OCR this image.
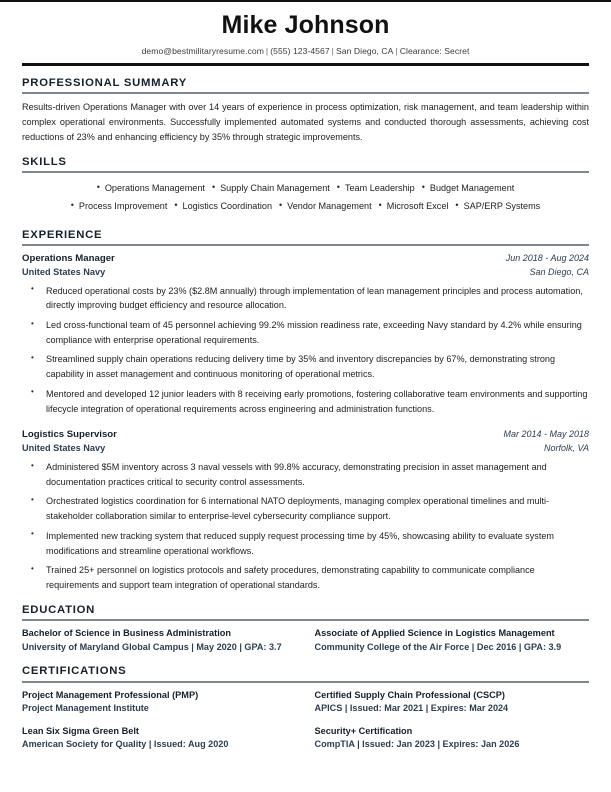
Mike Johnson

demo@bestmilitaryresume.com | (555) 123-4567 | San Diego, CA | Clearance: Secret

PROFESSIONAL SUMMARY

Results-driven Operations Manager with over 14 years of experience in process optimization, risk management, and team leadership within complex operational environments. Successfully implemented automated systems and conducted thorough assessments, achieving cost reductions of 23% and enhancing efficiency by 35% through strategic improvements.

SKILLS
• Operations Management • Supply Chain Management • Team Leadership • Budget Management
• Process Improvement • Logistics Coordination • Vendor Management • Microsoft Excel • SAP/ERP Systems
EXPERIENCE
Operations Manager	Jun 2018 - Aug 2024
United States Navy	San Diego, CA
• Reduced operational costs by 23% ($2.8M annually) through implementation of lean management principles and process automation, directly improving budget efficiency and resource allocation.
• Led cross-functional team of 45 personnel achieving 99.2% mission readiness rate, exceeding Navy standard by 4.2% while ensuring compliance with enterprise operational requirements.
• Streamlined supply chain operations reducing delivery time by 35% and inventory discrepancies by 67%, demonstrating strong capability in asset management and continuous monitoring of operational metrics.
• Mentored and developed 12 junior leaders with 8 receiving early promotions, fostering collaborative team environments and supporting lifecycle integration of operational requirements across engineering and administration functions.
Logistics Supervisor	Mar 2014 - May 2018
United States Navy	Norfolk, VA
• Administered $5M inventory across 3 naval vessels with 99.8% accuracy, demonstrating precision in asset management and documentation practices critical to security control assessments.
• Orchestrated logistics coordination for 6 international NATO deployments, managing complex operational timelines and multi-stakeholder collaboration similar to enterprise-level cybersecurity compliance support.
• Implemented new tracking system that reduced supply request processing time by 45%, showcasing ability to evaluate system modifications and streamline operational workflows.
• Trained 25+ personnel on logistics protocols and safety procedures, demonstrating capability to communicate compliance requirements and support team integration of operational standards.
EDUCATION
Bachelor of Science in Business Administration
University of Maryland Global Campus | May 2020 | GPA: 3.7
Associate of Applied Science in Logistics Management
Community College of the Air Force | Dec 2016 | GPA: 3.9
CERTIFICATIONS
Project Management Professional (PMP)
Project Management Institute
Certified Supply Chain Professional (CSCP)
APICS | Issued: Mar 2021 | Expires: Mar 2024
Lean Six Sigma Green Belt
American Society for Quality | Issued: Aug 2020
Security+ Certification
CompTIA | Issued: Jan 2023 | Expires: Jan 2026
